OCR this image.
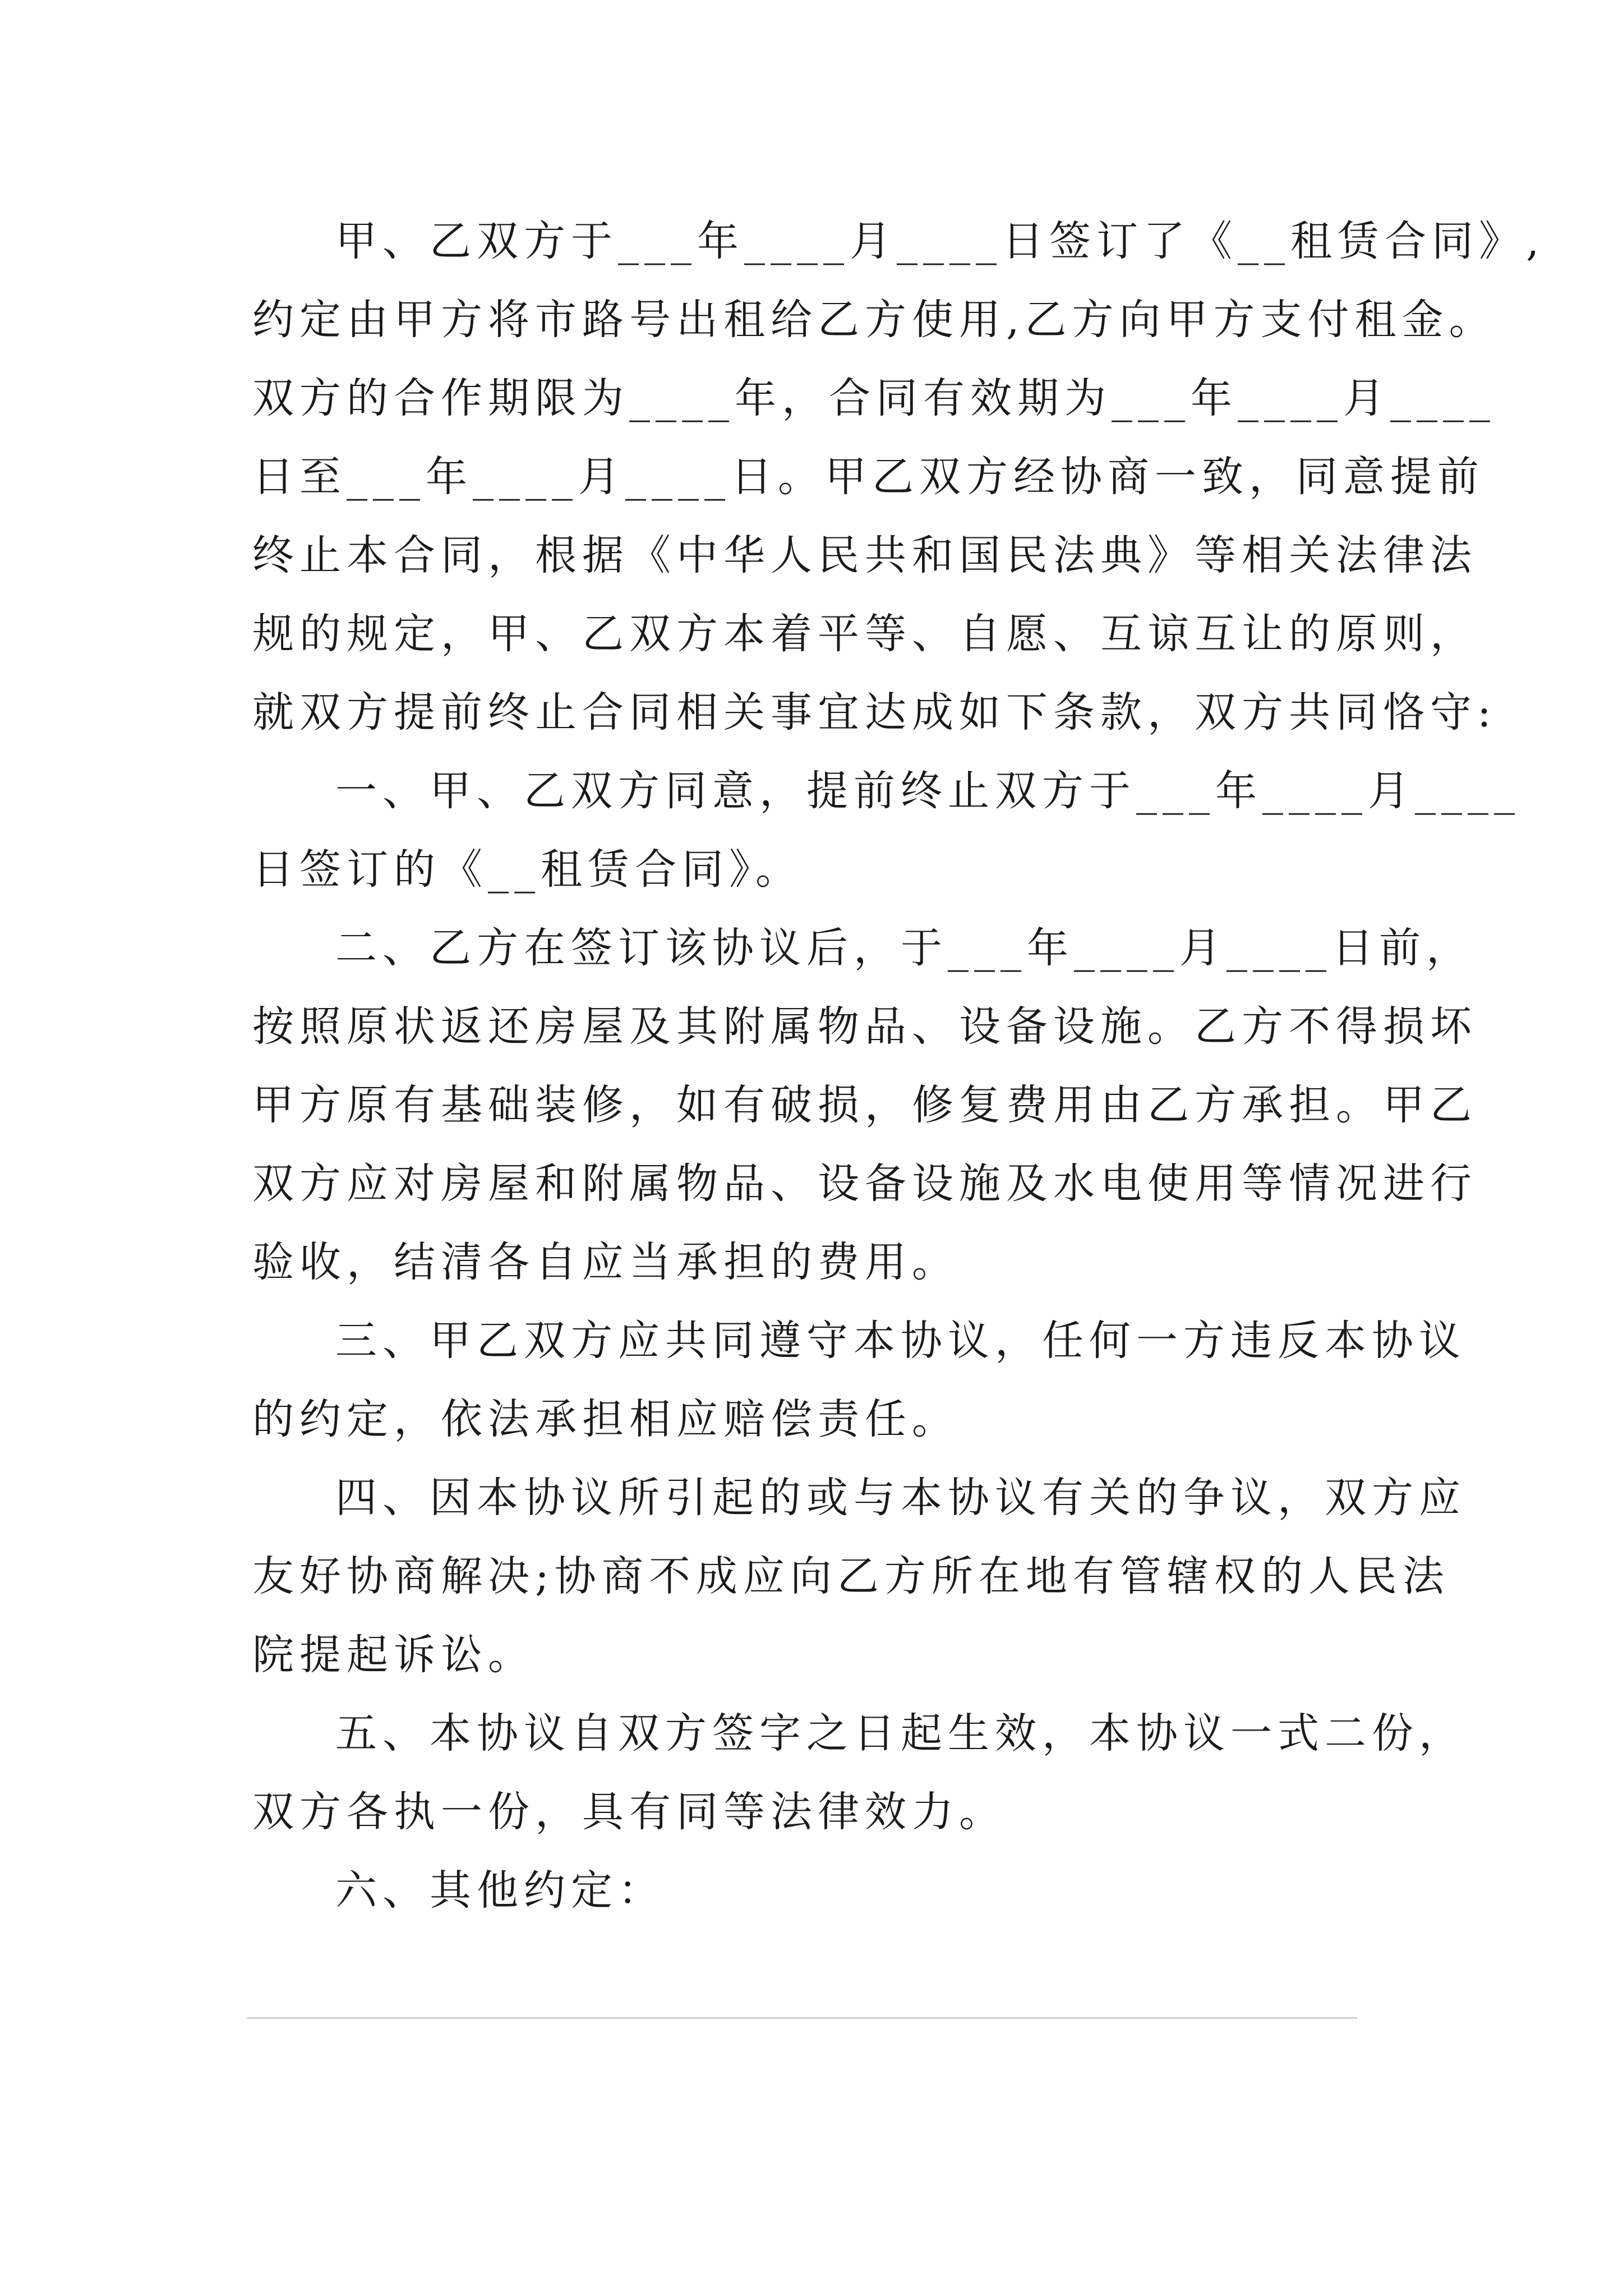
甲、乙双方于___年____月____日签订了《__租赁合同》,
约定由甲方将市路号出租给乙方使用,乙方向甲方支付租金。
双方的合作期限为____年，合同有效期为___年____月____
日至___年____月____日。甲乙双方经协商一致，同意提前
终止本合同，根据《中华人民共和国民法典》等相关法律法
规的规定，甲、乙双方本着平等、自愿、互谅互让的原则，
就双方提前终止合同相关事宜达成如下条款，双方共同恪守:
一、甲、乙双方同意，提前终止双方于___年____月____
日签订的《__租赁合同》。
二、乙方在签订该协议后，于___年____月____日前，
按照原状返还房屋及其附属物品、设备设施。乙方不得损坏
甲方原有基础装修，如有破损，修复费用由乙方承担。甲乙
双方应对房屋和附属物品、设备设施及水电使用等情况进行
验收，结清各自应当承担的费用。
三、甲乙双方应共同遵守本协议，任何一方违反本协议
的约定，依法承担相应赔偿责任。
四、因本协议所引起的或与本协议有关的争议，双方应
友好协商解决;协商不成应向乙方所在地有管辖权的人民法
院提起诉讼。
五、本协议自双方签字之日起生效，本协议一式二份，
双方各执一份，具有同等法律效力。
六、其他约定：
